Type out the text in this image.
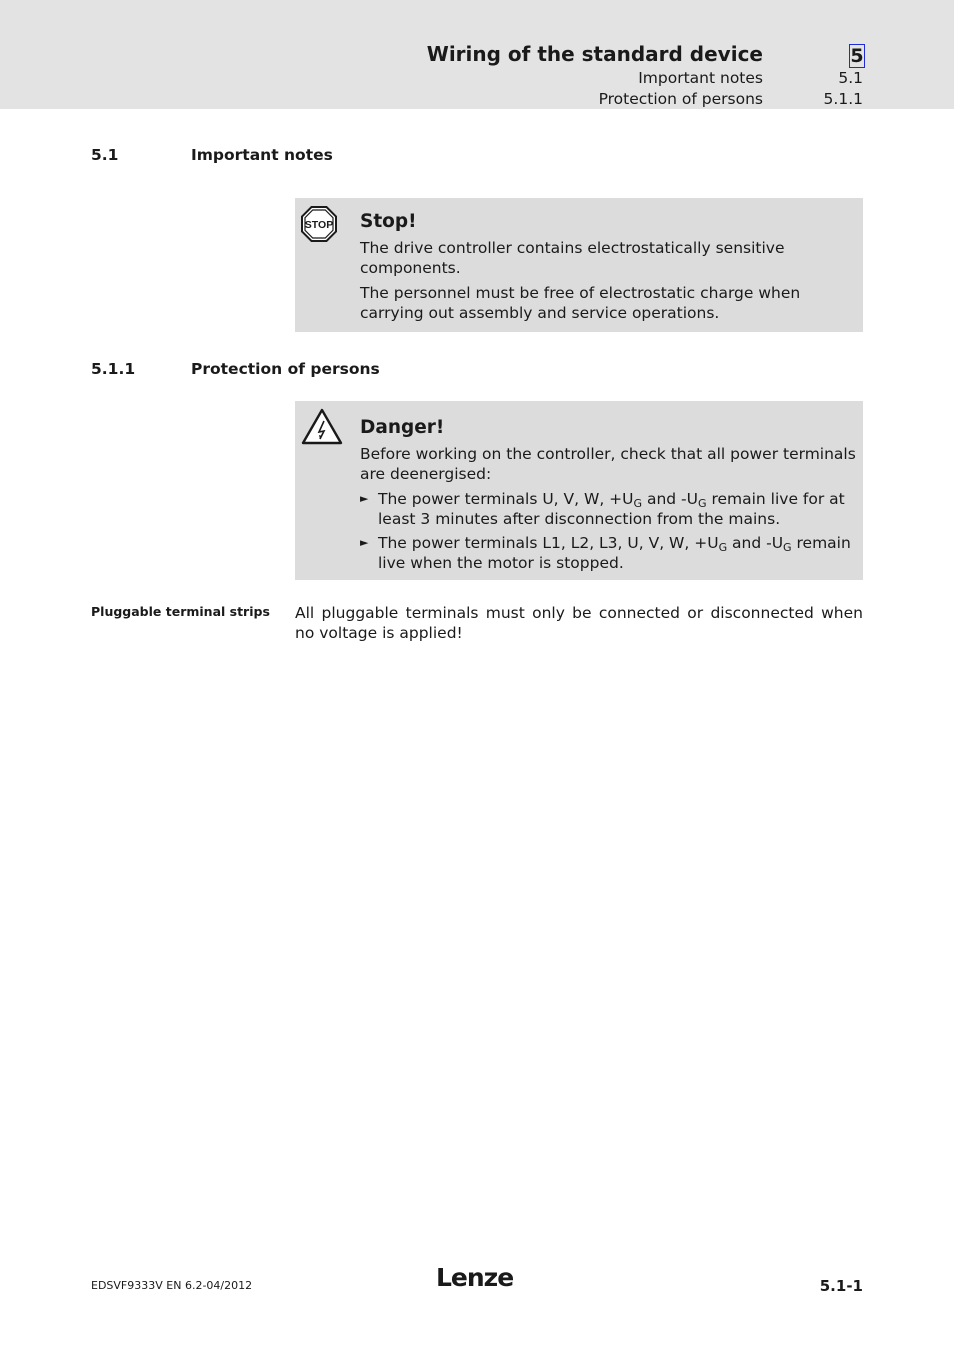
Wiring of the standard device	5
Important notes	5.1
Protection of persons	5.1.1
5.1	Important notes
STOP Stop!
The drive controller contains electrostatically sensitive components.
The personnel must be free of electrostatic charge when carrying out assembly and service operations.
5.1.1	Protection of persons
Danger!
Before working on the controller, check that all power terminals are deenergised:
► The power terminals U, V, W, $+U_G$ and $-U_G$ remain live for at least 3 minutes after disconnection from the mains.
► The power terminals L1, L2, L3, U, V, W, $+U_G$ and $-U_G$ remain live when the motor is stopped.
Pluggable terminal strips All pluggable terminals must only be connected or disconnected when no voltage is applied!

EDSVF9333V EN 6.2-04/2012	Lenze	5.1-1
